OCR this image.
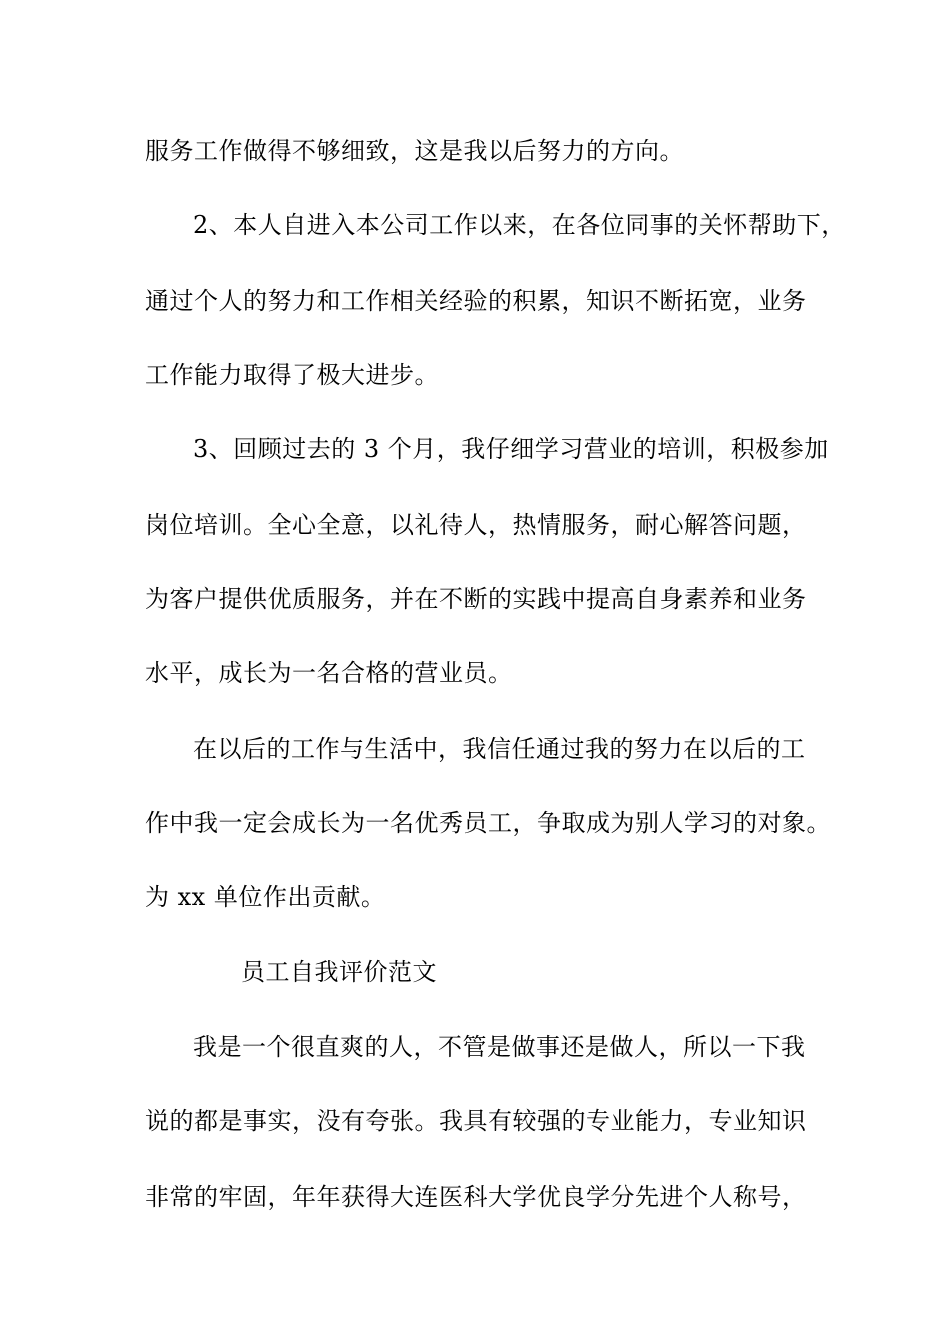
服务工作做得不够细致，这是我以后努力的方向。
2、本人自进入本公司工作以来，在各位同事的关怀帮助下，
通过个人的努力和工作相关经验的积累，知识不断拓宽，业务
工作能力取得了极大进步。
3、回顾过去的 3 个月，我仔细学习营业的培训，积极参加
岗位培训。全心全意，以礼待人，热情服务，耐心解答问题，
为客户提供优质服务，并在不断的实践中提高自身素养和业务
水平，成长为一名合格的营业员。
在以后的工作与生活中，我信任通过我的努力在以后的工
作中我一定会成长为一名优秀员工，争取成为别人学习的对象。
为 xx 单位作出贡献。
员工自我评价范文
我是一个很直爽的人，不管是做事还是做人，所以一下我
说的都是事实，没有夸张。我具有较强的专业能力，专业知识
非常的牢固，年年获得大连医科大学优良学分先进个人称号，
